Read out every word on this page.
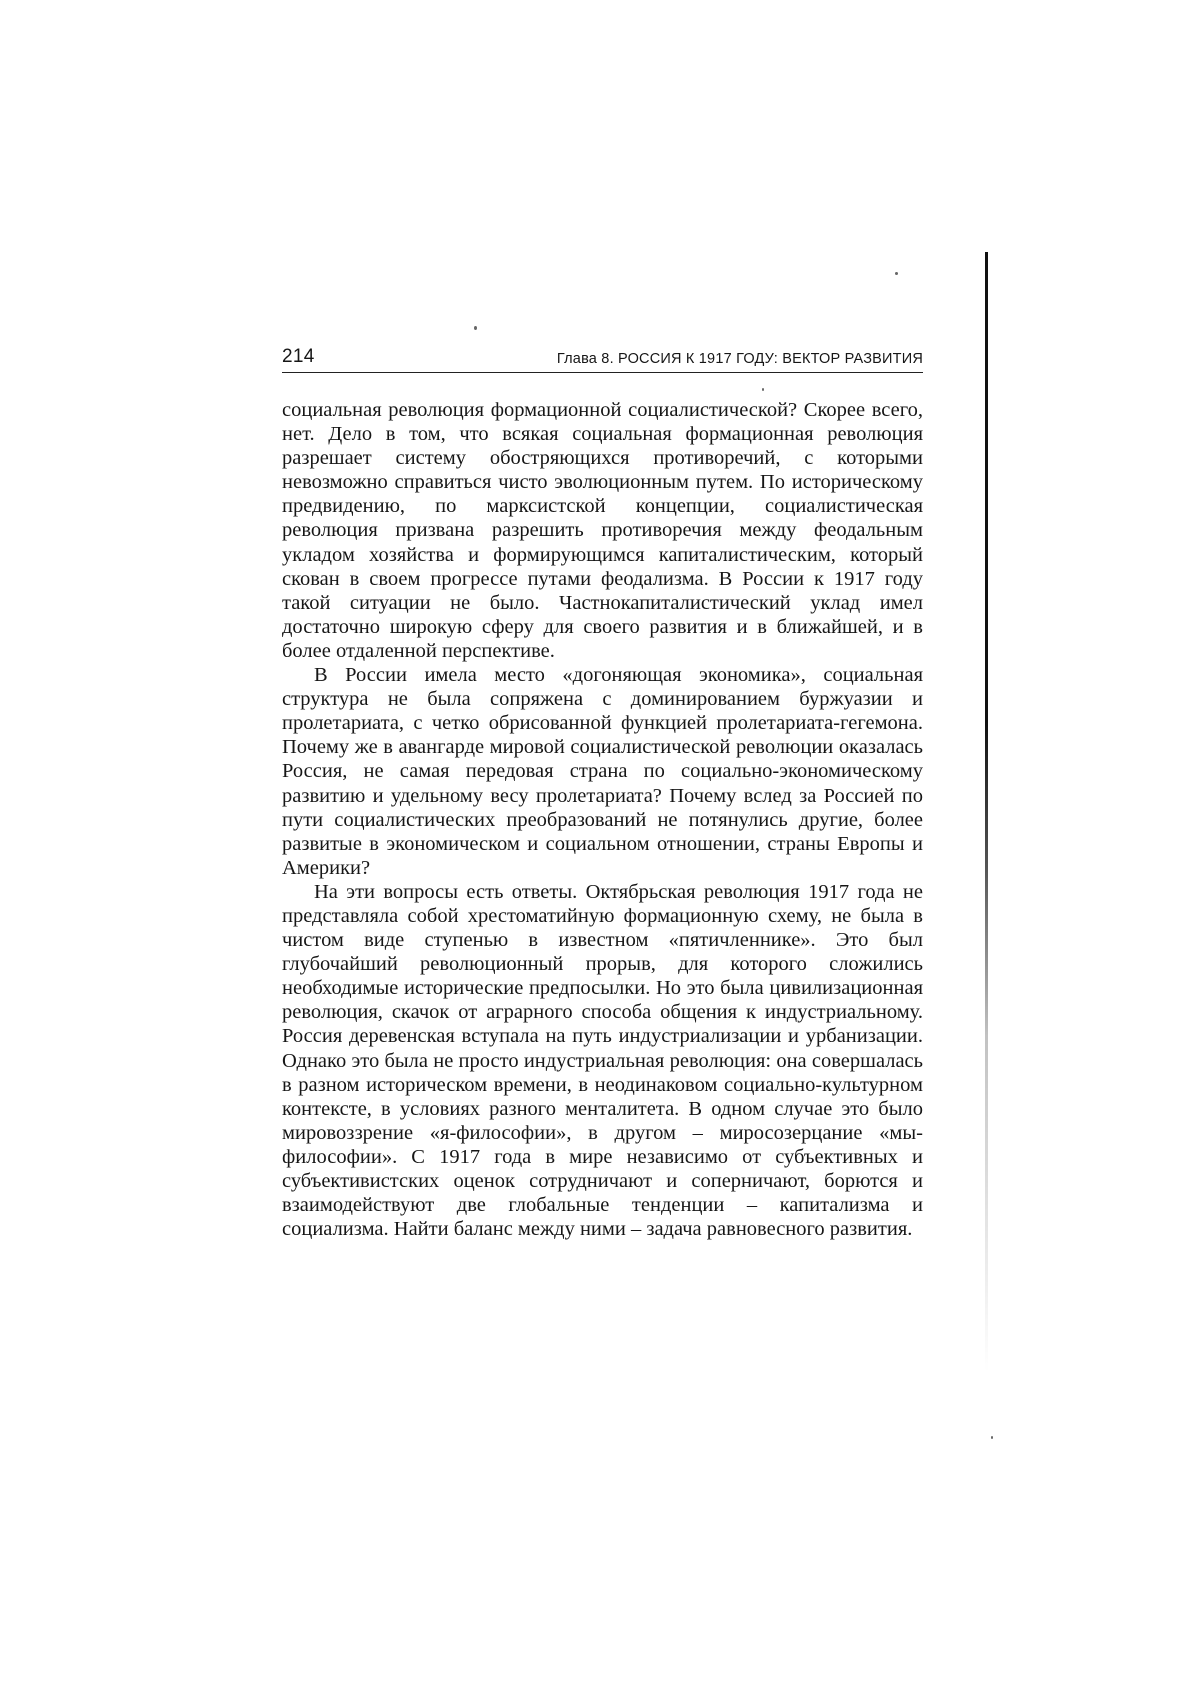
214	Глава 8. РОССИЯ К 1917 ГОДУ: ВЕКТОР РАЗВИТИЯ

социальная революция формационной социалистической? Скорее всего, нет. Дело в том, что всякая социальная формационная революция разрешает систему обостряющихся противоречий, с которыми невозможно справиться чисто эволюционным путем. По историческому предвидению, по марксистской концепции, социалистическая революция призвана разрешить противоречия между феодальным укладом хозяйства и формирующимся капиталистическим, который скован в своем прогрессе путами феодализма. В России к 1917 году такой ситуации не было. Частнокапиталистический уклад имел достаточно широкую сферу для своего развития и в ближайшей, и в более отдаленной перспективе.

В России имела место «догоняющая экономика», социальная структура не была сопряжена с доминированием буржуазии и пролетариата, с четко обрисованной функцией пролетариата-гегемона. Почему же в авангарде мировой социалистической революции оказалась Россия, не самая передовая страна по социально-экономическому развитию и удельному весу пролетариата? Почему вслед за Россией по пути социалистических преобразований не потянулись другие, более развитые в экономическом и социальном отношении, страны Европы и Америки?

На эти вопросы есть ответы. Октябрьская революция 1917 года не представляла собой хрестоматийную формационную схему, не была в чистом виде ступенью в известном «пятичленнике». Это был глубочайший революционный прорыв, для которого сложились необходимые исторические предпосылки. Но это была цивилизационная революция, скачок от аграрного способа общения к индустриальному. Россия деревенская вступала на путь индустриализации и урбанизации. Однако это была не просто индустриальная революция: она совершалась в разном историческом времени, в неодинаковом социально-культурном контексте, в условиях разного менталитета. В одном случае это было мировоззрение «я-философии», в другом – миросозерцание «мы-философии». С 1917 года в мире независимо от субъективных и субъективистских оценок сотрудничают и соперничают, борются и взаимодействуют две глобальные тенденции – капитализма и социализма. Найти баланс между ними – задача равновесного развития.
